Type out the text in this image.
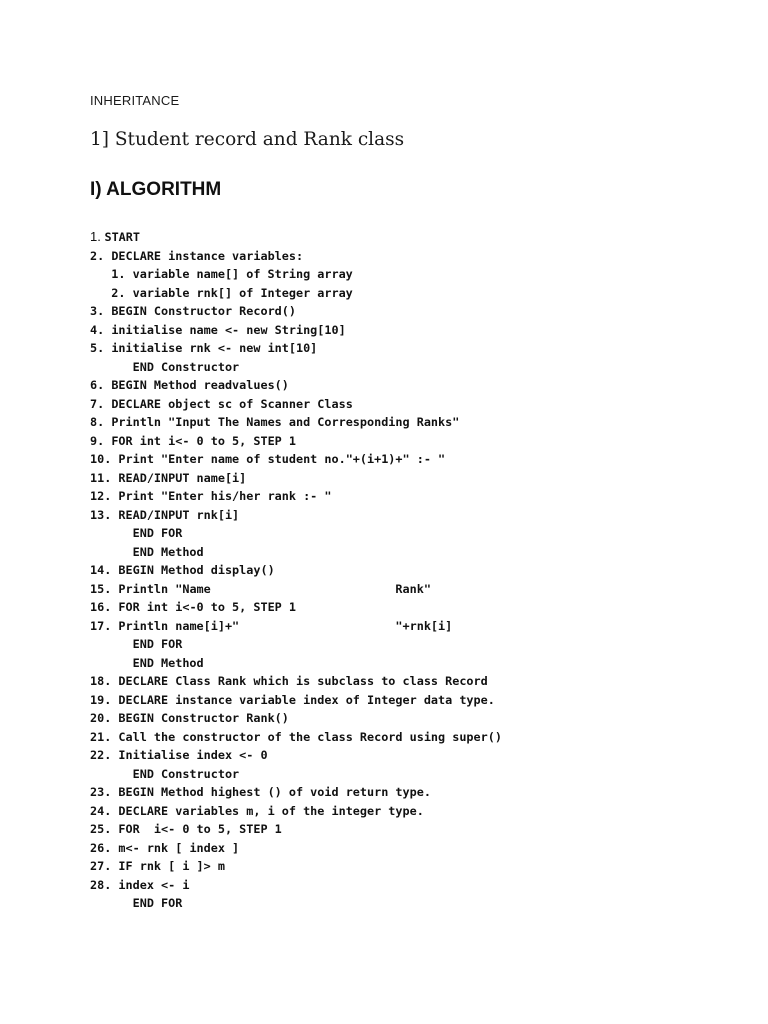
INHERITANCE
1] Student record and Rank class
I) ALGORITHM
1. START
2. DECLARE instance variables:
1. variable name[] of String array
2. variable rnk[] of Integer array
3. BEGIN Constructor Record()
4. initialise name <- new String[10]
5. initialise rnk <- new int[10]
END Constructor
6. BEGIN Method readvalues()
7. DECLARE object sc of Scanner Class
8. Println "Input The Names and Corresponding Ranks"
9. FOR int i<- 0 to 5, STEP 1
10. Print "Enter name of student no."+(i+1)+" :- "
11. READ/INPUT name[i]
12. Print "Enter his/her rank :- "
13. READ/INPUT rnk[i]
END FOR
END Method
14. BEGIN Method display()
15. Println "Name                          Rank"
16. FOR int i<-0 to 5, STEP 1
17. Println name[i]+"                      "+rnk[i]
END FOR
END Method
18. DECLARE Class Rank which is subclass to class Record
19. DECLARE instance variable index of Integer data type.
20. BEGIN Constructor Rank()
21. Call the constructor of the class Record using super()
22. Initialise index <- 0
END Constructor
23. BEGIN Method highest () of void return type.
24. DECLARE variables m, i of the integer type.
25. FOR  i<- 0 to 5, STEP 1
26. m<- rnk [ index ]
27. IF rnk [ i ]> m
28. index <- i
END FOR
